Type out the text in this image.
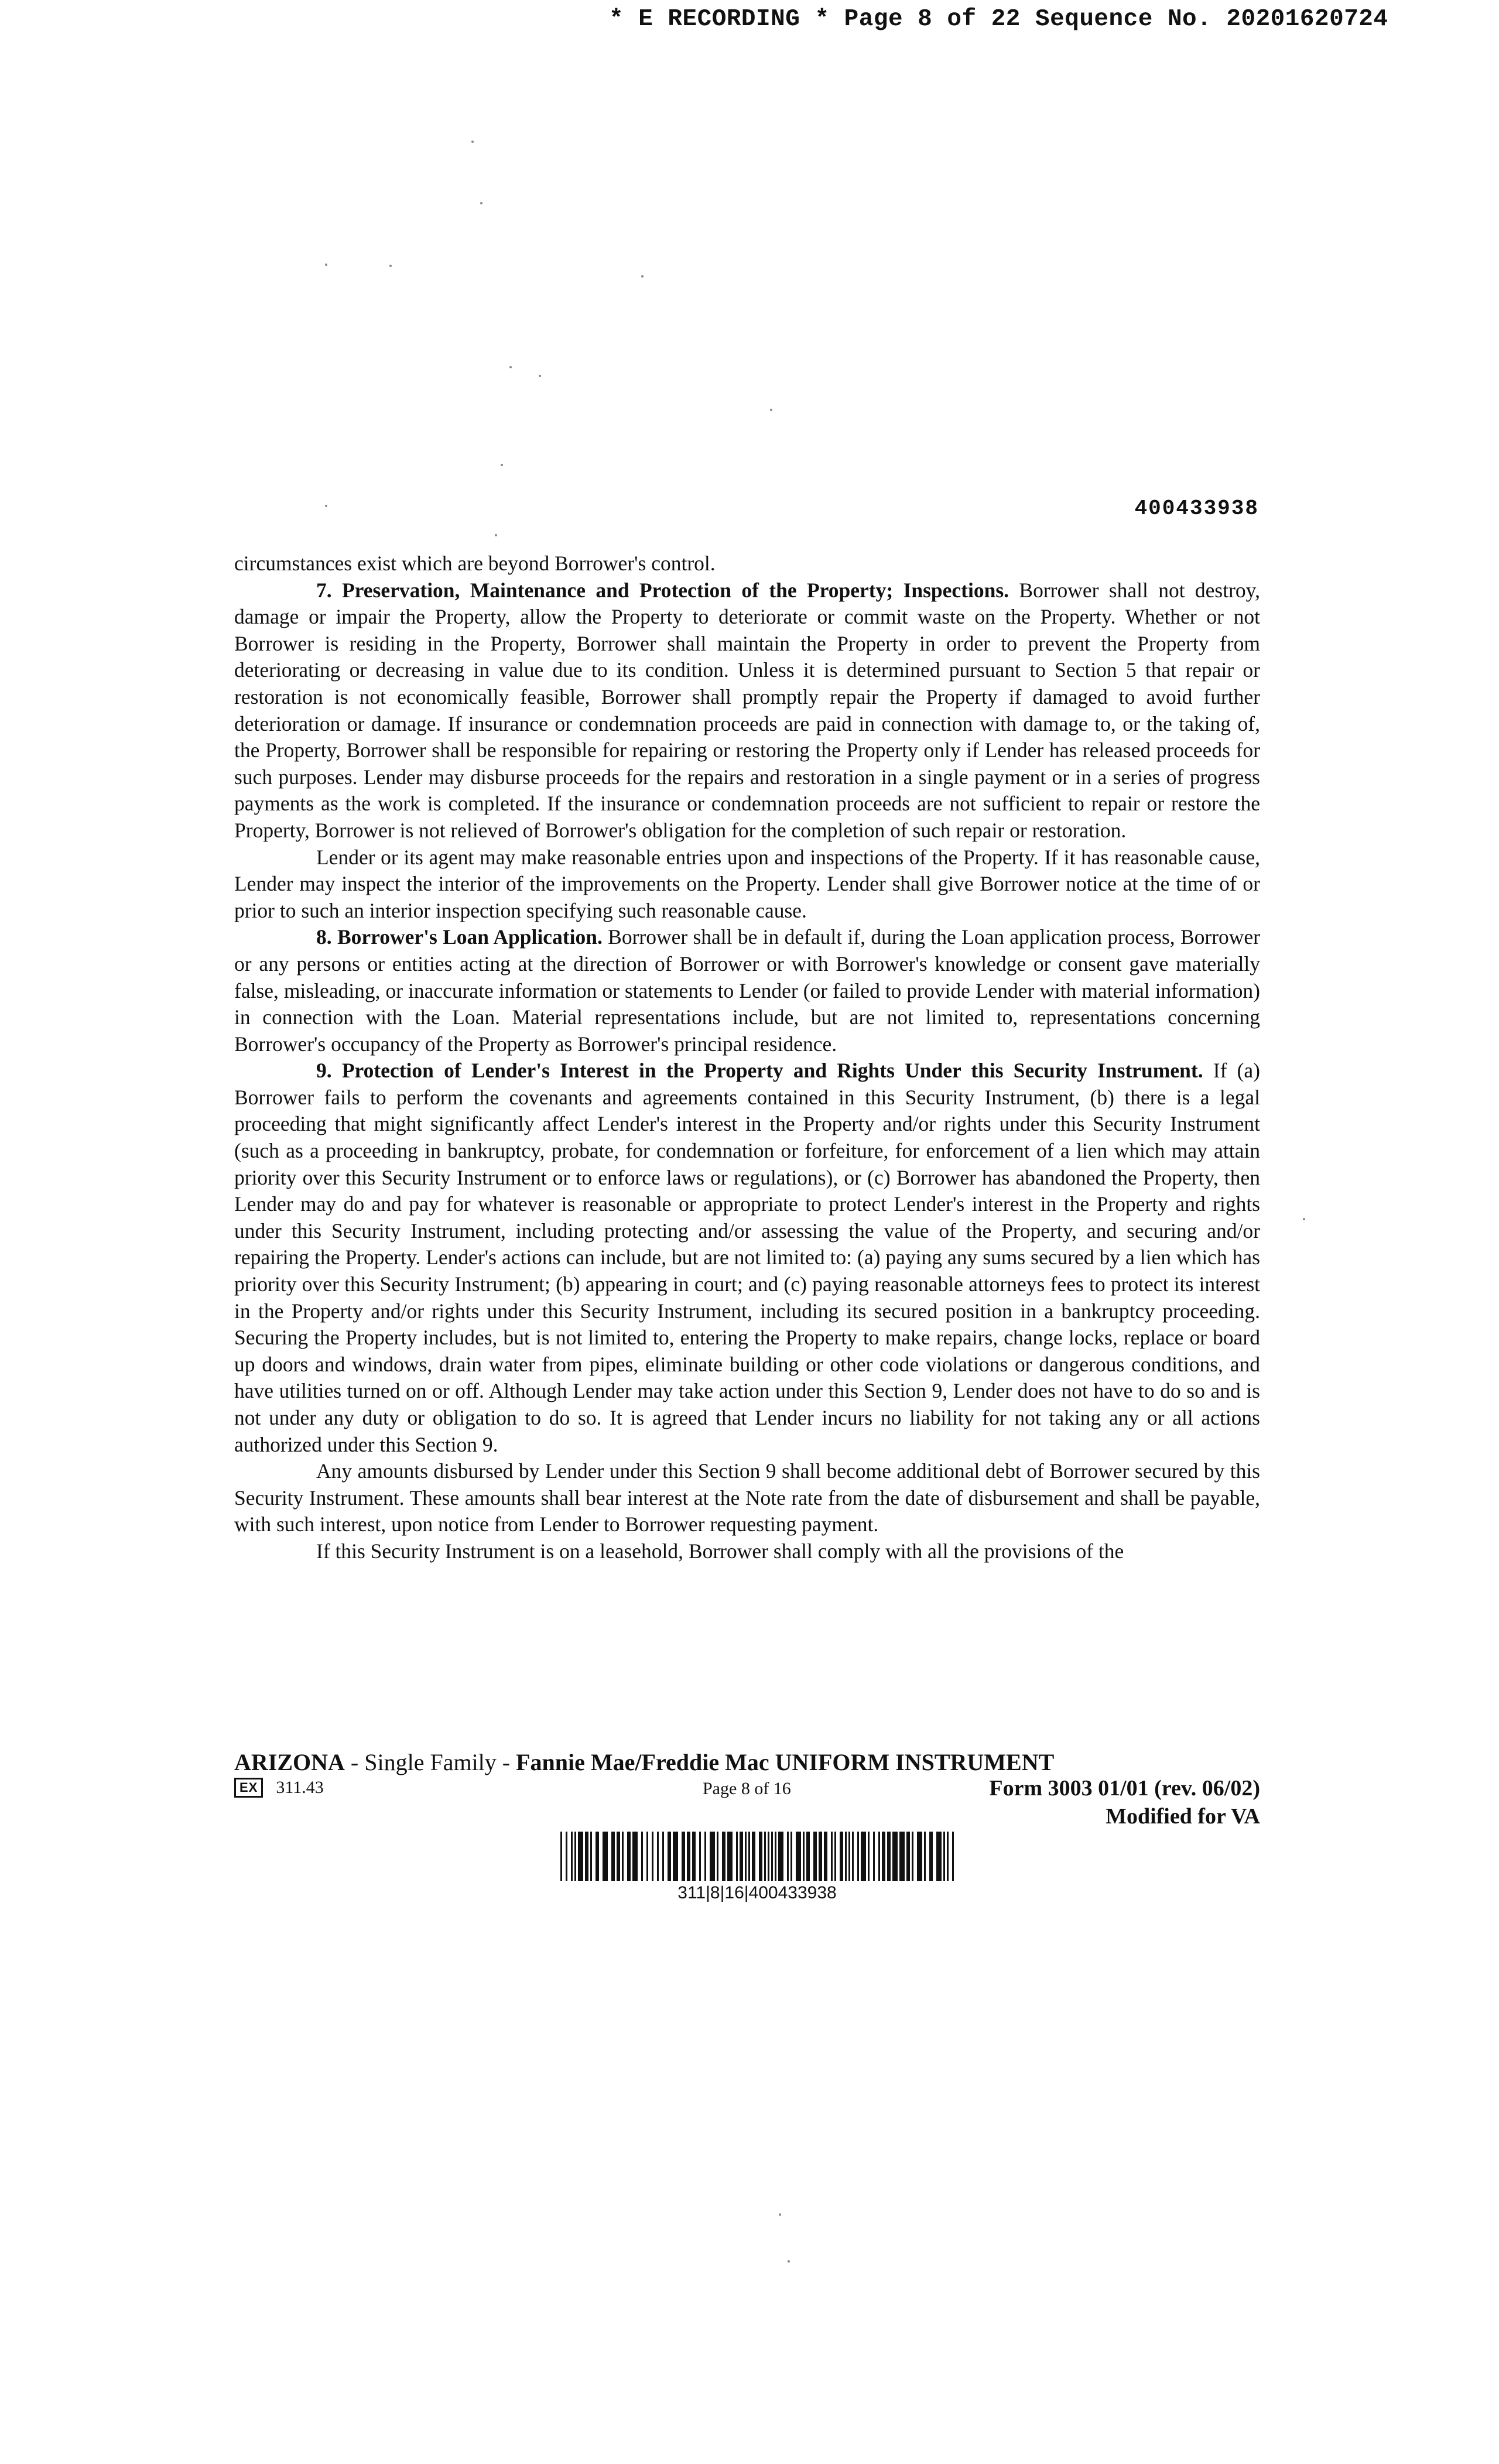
* E RECORDING * Page 8 of 22 Sequence No. 20201620724
400433938

circumstances exist which are beyond Borrower's control.

7. Preservation, Maintenance and Protection of the Property; Inspections. Borrower shall not destroy, damage or impair the Property, allow the Property to deteriorate or commit waste on the Property. Whether or not Borrower is residing in the Property, Borrower shall maintain the Property in order to prevent the Property from deteriorating or decreasing in value due to its condition. Unless it is determined pursuant to Section 5 that repair or restoration is not economically feasible, Borrower shall promptly repair the Property if damaged to avoid further deterioration or damage. If insurance or condemnation proceeds are paid in connection with damage to, or the taking of, the Property, Borrower shall be responsible for repairing or restoring the Property only if Lender has released proceeds for such purposes. Lender may disburse proceeds for the repairs and restoration in a single payment or in a series of progress payments as the work is completed. If the insurance or condemnation proceeds are not sufficient to repair or restore the Property, Borrower is not relieved of Borrower's obligation for the completion of such repair or restoration.

Lender or its agent may make reasonable entries upon and inspections of the Property. If it has reasonable cause, Lender may inspect the interior of the improvements on the Property. Lender shall give Borrower notice at the time of or prior to such an interior inspection specifying such reasonable cause.

8. Borrower's Loan Application. Borrower shall be in default if, during the Loan application process, Borrower or any persons or entities acting at the direction of Borrower or with Borrower's knowledge or consent gave materially false, misleading, or inaccurate information or statements to Lender (or failed to provide Lender with material information) in connection with the Loan. Material representations include, but are not limited to, representations concerning Borrower's occupancy of the Property as Borrower's principal residence.

9. Protection of Lender's Interest in the Property and Rights Under this Security Instrument. If (a) Borrower fails to perform the covenants and agreements contained in this Security Instrument, (b) there is a legal proceeding that might significantly affect Lender's interest in the Property and/or rights under this Security Instrument (such as a proceeding in bankruptcy, probate, for condemnation or forfeiture, for enforcement of a lien which may attain priority over this Security Instrument or to enforce laws or regulations), or (c) Borrower has abandoned the Property, then Lender may do and pay for whatever is reasonable or appropriate to protect Lender's interest in the Property and rights under this Security Instrument, including protecting and/or assessing the value of the Property, and securing and/or repairing the Property. Lender's actions can include, but are not limited to: (a) paying any sums secured by a lien which has priority over this Security Instrument; (b) appearing in court; and (c) paying reasonable attorneys fees to protect its interest in the Property and/or rights under this Security Instrument, including its secured position in a bankruptcy proceeding. Securing the Property includes, but is not limited to, entering the Property to make repairs, change locks, replace or board up doors and windows, drain water from pipes, eliminate building or other code violations or dangerous conditions, and have utilities turned on or off. Although Lender may take action under this Section 9, Lender does not have to do so and is not under any duty or obligation to do so. It is agreed that Lender incurs no liability for not taking any or all actions authorized under this Section 9.

Any amounts disbursed by Lender under this Section 9 shall become additional debt of Borrower secured by this Security Instrument. These amounts shall bear interest at the Note rate from the date of disbursement and shall be payable, with such interest, upon notice from Lender to Borrower requesting payment.

If this Security Instrument is on a leasehold, Borrower shall comply with all the provisions of the

ARIZONA - Single Family - Fannie Mae/Freddie Mac UNIFORM INSTRUMENT
EX	311.43	Page 8 of 16	Form 3003 01/01 (rev. 06/02)
Modified for VA
311|8|16|400433938
